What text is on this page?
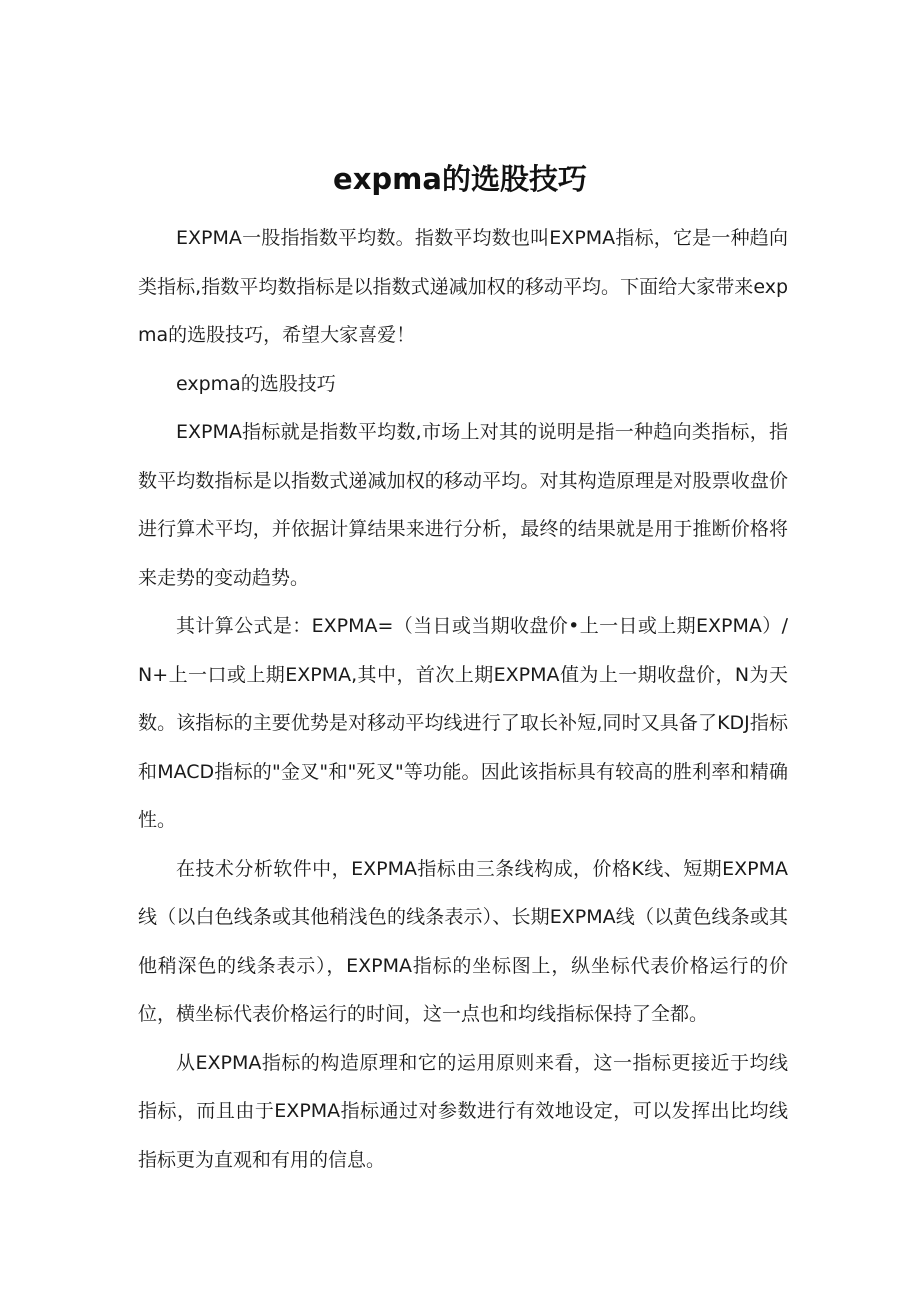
expma的选股技巧

EXPMA一股指指数平均数。指数平均数也叫EXPMA指标，它是一种趋向类指标,指数平均数指标是以指数式递减加权的移动平均。下面给大家带来expma的选股技巧，希望大家喜爱！

expma的选股技巧

EXPMA指标就是指数平均数,市场上对其的说明是指一种趋向类指标，指数平均数指标是以指数式递减加权的移动平均。对其构造原理是对股票收盘价进行算术平均，并依据计算结果来进行分析，最终的结果就是用于推断价格将来走势的变动趋势。

其计算公式是：EXPMA=（当日或当期收盘价•上一日或上期EXPMA）∕N+上一口或上期EXPMA,其中，首次上期EXPMA值为上一期收盘价，N为天数。该指标的主要优势是对移动平均线进行了取长补短,同时又具备了KDJ指标和MACD指标的"金叉"和"死叉"等功能。因此该指标具有较高的胜利率和精确性。

在技术分析软件中，EXPMA指标由三条线构成，价格K线、短期EXPMA线（以白色线条或其他稍浅色的线条表示）、长期EXPMA线（以黄色线条或其他稍深色的线条表示），EXPMA指标的坐标图上，纵坐标代表价格运行的价位，横坐标代表价格运行的时间，这一点也和均线指标保持了全都。

从EXPMA指标的构造原理和它的运用原则来看，这一指标更接近于均线指标，而且由于EXPMA指标通过对参数进行有效地设定，可以发挥出比均线指标更为直观和有用的信息。
